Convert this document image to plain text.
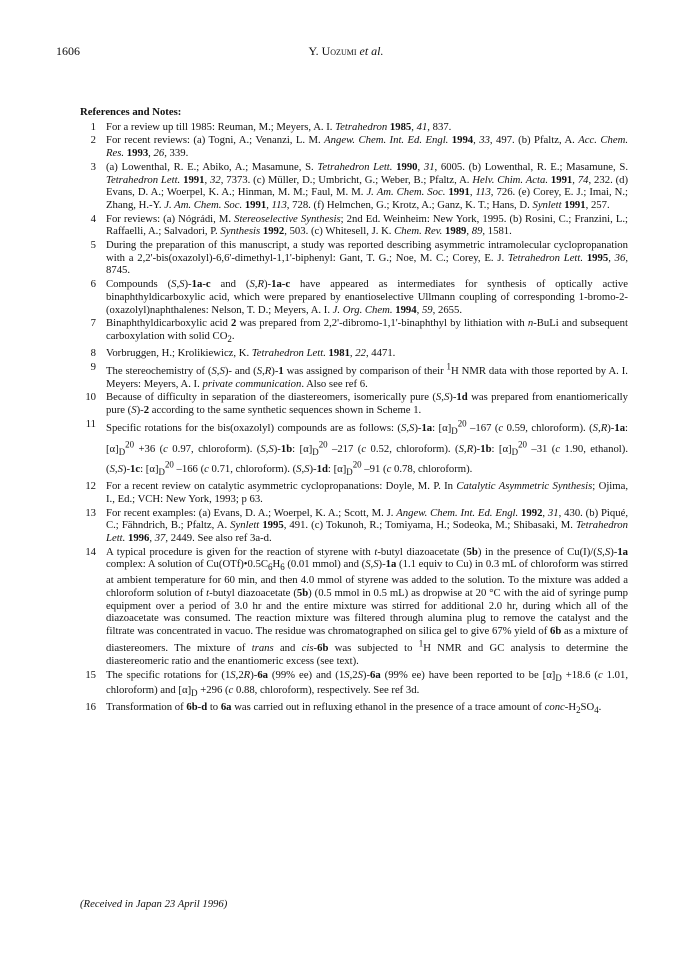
1606	Y. Uozumi et al.
References and Notes:
1 For a review up till 1985: Reuman, M.; Meyers, A. I. Tetrahedron 1985, 41, 837.
2 For recent reviews: (a) Togni, A.; Venanzi, L. M. Angew. Chem. Int. Ed. Engl. 1994, 33, 497. (b) Pfaltz, A. Acc. Chem. Res. 1993, 26, 339.
3 (a) Lowenthal, R. E.; Abiko, A.; Masamune, S. Tetrahedron Lett. 1990, 31, 6005. (b) Lowenthal, R. E.; Masamune, S. Tetrahedron Lett. 1991, 32, 7373. (c) Müller, D.; Umbricht, G.; Weber, B.; Pfaltz, A. Helv. Chim. Acta. 1991, 74, 232. (d) Evans, D. A.; Woerpel, K. A.; Hinman, M. M.; Faul, M. M. J. Am. Chem. Soc. 1991, 113, 726. (e) Corey, E. J.; Imai, N.; Zhang, H.-Y. J. Am. Chem. Soc. 1991, 113, 728. (f) Helmchen, G.; Krotz, A.; Ganz, K. T.; Hans, D. Synlett 1991, 257.
4 For reviews: (a) Nógrádi, M. Stereoselective Synthesis; 2nd Ed. Weinheim: New York, 1995. (b) Rosini, C.; Franzini, L.; Raffaelli, A.; Salvadori, P. Synthesis 1992, 503. (c) Whitesell, J. K. Chem. Rev. 1989, 89, 1581.
5 During the preparation of this manuscript, a study was reported describing asymmetric intramolecular cyclopropanation with a 2,2'-bis(oxazolyl)-6,6'-dimethyl-1,1'-biphenyl: Gant, T. G.; Noe, M. C.; Corey, E. J. Tetrahedron Lett. 1995, 36, 8745.
6 Compounds (S,S)-1a-c and (S,R)-1a-c have appeared as intermediates for synthesis of optically active binaphthyldicarboxylic acid, which were prepared by enantioselective Ullmann coupling of corresponding 1-bromo-2-(oxazolyl)naphthalenes: Nelson, T. D.; Meyers, A. I. J. Org. Chem. 1994, 59, 2655.
7 Binaphthyldicarboxylic acid 2 was prepared from 2,2'-dibromo-1,1'-binaphthyl by lithiation with n-BuLi and subsequent carboxylation with solid $CO_2$.
8 Vorbruggen, H.; Krolikiewicz, K. Tetrahedron Lett. 1981, 22, 4471.
9 The stereochemistry of (S,S)- and (S,R)-1 was assigned by comparison of their $^1$H NMR data with those reported by A. I. Meyers: Meyers, A. I. private communication. Also see ref 6.
10 Because of difficulty in separation of the diastereomers, isomerically pure (S,S)-1d was prepared from enantiomerically pure (S)-2 according to the same synthetic sequences shown in Scheme 1.
11 Specific rotations for the bis(oxazolyl) compounds are as follows: (S,S)-1a: $[\alpha]_D^{20}$ –167 (c 0.59, chloroform). (S,R)-1a: $[\alpha]_D^{20} +36$ (c 0.97, chloroform). (S,S)-1b: $[\alpha]_D^{20}$ –217 (c 0.52, chloroform). (S,R)-1b: $[\alpha]_D^{20}$ –31 (c 1.90, ethanol). (S,S)-1c: $[\alpha]_D^{20}$ –166 (c 0.71, chloroform). (S,S)-1d: $[\alpha]_D^{20}$ –91 (c 0.78, chloroform).
12 For a recent review on catalytic asymmetric cyclopropanations: Doyle, M. P. In Catalytic Asymmetric Synthesis; Ojima, I., Ed.; VCH: New York, 1993; p 63.
13 For recent examples: (a) Evans, D. A.; Woerpel, K. A.; Scott, M. J. Angew. Chem. Int. Ed. Engl. 1992, 31, 430. (b) Piqué, C.; Fähndrich, B.; Pfaltz, A. Synlett 1995, 491. (c) Tokunoh, R.; Tomiyama, H.; Sodeoka, M.; Shibasaki, M. Tetrahedron Lett. 1996, 37, 2449. See also ref 3a-d.
14 A typical procedure is given for the reaction of styrene with t-butyl diazoacetate (5b) in the presence of Cu(I)/(S,S)-1a complex: A solution of $Cu(OTf)•0.5C_6H_6$ (0.01 mmol) and (S,S)-1a (1.1 equiv to Cu) in 0.3 mL of chloroform was stirred at ambient temperature for 60 min, and then 4.0 mmol of styrene was added to the solution. To the mixture was added a chloroform solution of t-butyl diazoacetate (5b) (0.5 mmol in 0.5 mL) as dropwise at 20 °C with the aid of syringe pump equipment over a period of 3.0 hr and the entire mixture was stirred for additional 2.0 hr, during which all of the diazoacetate was consumed. The reaction mixture was filtered through alumina plug to remove the catalyst and the filtrate was concentrated in vacuo. The residue was chromatographed on silica gel to give 67% yield of 6b as a mixture of diastereomers. The mixture of trans and cis-6b was subjected to $^1$H NMR and GC analysis to determine the diastereomeric ratio and the enantiomeric excess (see text).
15 The specific rotations for (1S,2R)-6a (99% ee) and (1S,2S)-6a (99% ee) have been reported to be $[\alpha]_D +18.6$ (c 1.01, chloroform) and $[\alpha]_D +296$ (c 0.88, chloroform), respectively. See ref 3d.
16 Transformation of 6b-d to 6a was carried out in refluxing ethanol in the presence of a trace amount of conc-$H_2SO_4$.
(Received in Japan 23 April 1996)
